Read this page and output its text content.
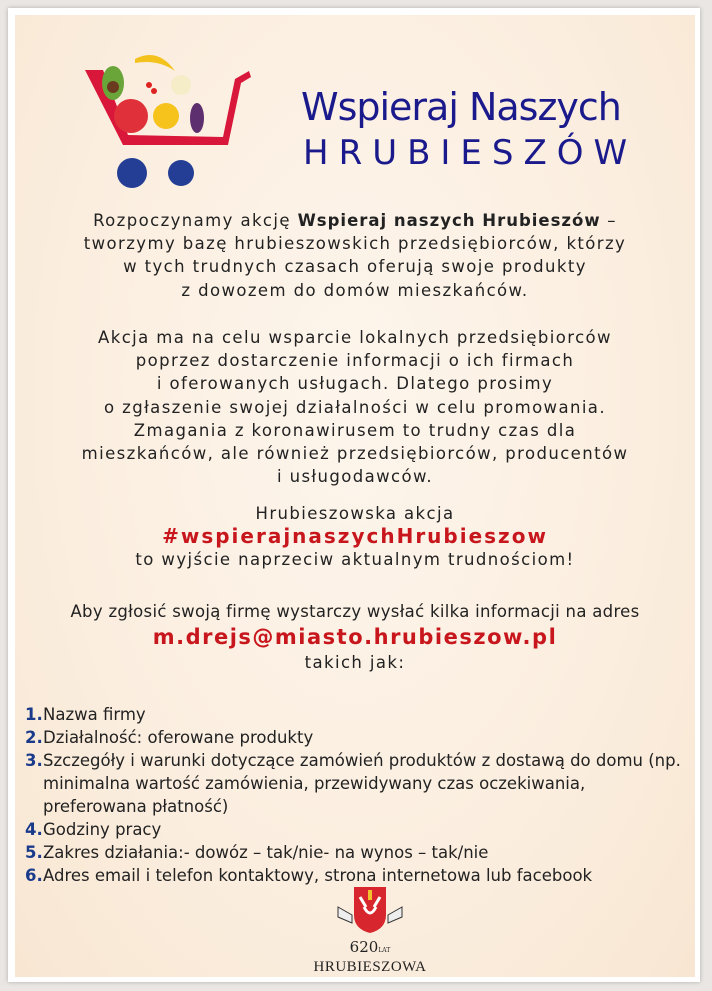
Wspieraj Naszych
HRUBIESZÓW
Rozpoczynamy akcję Wspieraj naszych Hrubieszów –
tworzymy bazę hrubieszowskich przedsiębiorców, którzy
w tych trudnych czasach oferują swoje produkty
z dowozem do domów mieszkańców.
Akcja ma na celu wsparcie lokalnych przedsiębiorców
poprzez dostarczenie informacji o ich firmach
i oferowanych usługach. Dlatego prosimy
o zgłaszenie swojej działalności w celu promowania.
Zmagania z koronawirusem to trudny czas dla
mieszkańców, ale również przedsiębiorców, producentów
i usługodawców.
Hrubieszowska akcja
#wspierajnaszychHrubieszow
to wyjście naprzeciw aktualnym trudnościom!
Aby zgłosić swoją firmę wystarczy wysłać kilka informacji na adres
m.drejs@miasto.hrubieszow.pl
takich jak:
1. Nazwa firmy
2. Działalność: oferowane produkty
3. Szczegóły i warunki dotyczące zamówień produktów z dostawą do domu (np. minimalna wartość zamówienia, przewidywany czas oczekiwania, preferowana płatność)
4. Godziny pracy
5. Zakres działania:- dowóz – tak/nie- na wynos – tak/nie
6. Adres email i telefon kontaktowy, strona internetowa lub facebook
620LAT
HRUBIESZOWA
